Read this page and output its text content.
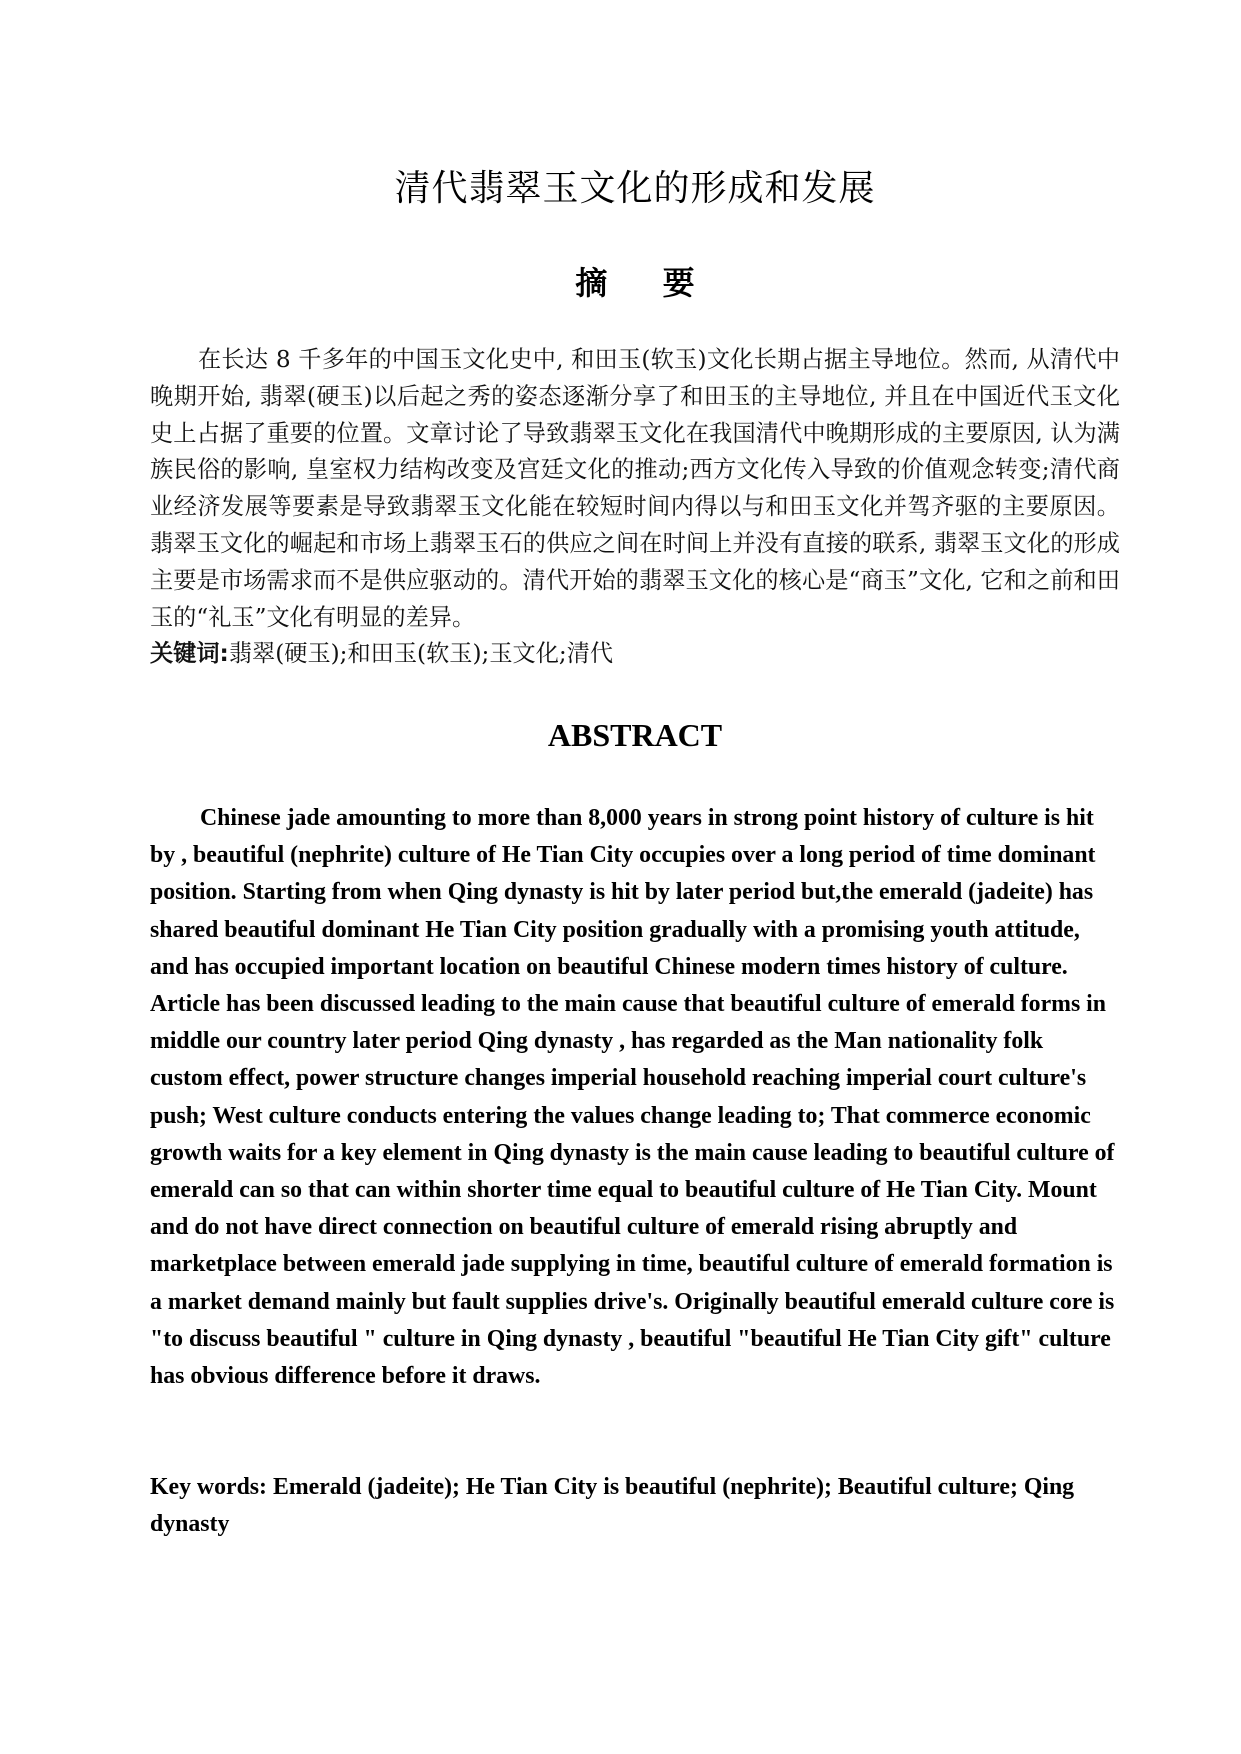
清代翡翠玉文化的形成和发展
摘 要

在长达 8 千多年的中国玉文化史中, 和田玉(软玉)文化长期占据主导地位。然而, 从清代中晚期开始, 翡翠(硬玉)以后起之秀的姿态逐渐分享了和田玉的主导地位, 并且在中国近代玉文化史上占据了重要的位置。文章讨论了导致翡翠玉文化在我国清代中晚期形成的主要原因, 认为满族民俗的影响, 皇室权力结构改变及宫廷文化的推动;西方文化传入导致的价值观念转变;清代商业经济发展等要素是导致翡翠玉文化能在较短时间内得以与和田玉文化并驾齐驱的主要原因。翡翠玉文化的崛起和市场上翡翠玉石的供应之间在时间上并没有直接的联系, 翡翠玉文化的形成主要是市场需求而不是供应驱动的。清代开始的翡翠玉文化的核心是“商玉”文化, 它和之前和田玉的“礼玉”文化有明显的差异。

关键词:翡翠(硬玉);和田玉(软玉);玉文化;清代

ABSTRACT

Chinese jade amounting to more than 8,000 years in strong point history of culture is hit by , beautiful (nephrite) culture of He Tian City occupies over a long period of time dominant position. Starting from when Qing dynasty is hit by later period but,the emerald (jadeite) has shared beautiful dominant He Tian City position gradually with a promising youth attitude, and has occupied important location on beautiful Chinese modern times history of culture. Article has been discussed leading to the main cause that beautiful culture of emerald forms in middle our country later period Qing dynasty , has regarded as the Man nationality folk custom effect, power structure changes imperial household reaching imperial court culture's push; West culture conducts entering the values change leading to; That commerce economic growth waits for a key element in Qing dynasty is the main cause leading to beautiful culture of emerald can so that can within shorter time equal to beautiful culture of He Tian City. Mount and do not have direct connection on beautiful culture of emerald rising abruptly and marketplace between emerald jade supplying in time, beautiful culture of emerald formation is a market demand mainly but fault supplies drive's. Originally beautiful emerald culture core is "to discuss beautiful " culture in Qing dynasty , beautiful "beautiful He Tian City gift" culture has obvious difference before it draws.

Key words: Emerald (jadeite); He Tian City is beautiful (nephrite); Beautiful culture; Qing dynasty
